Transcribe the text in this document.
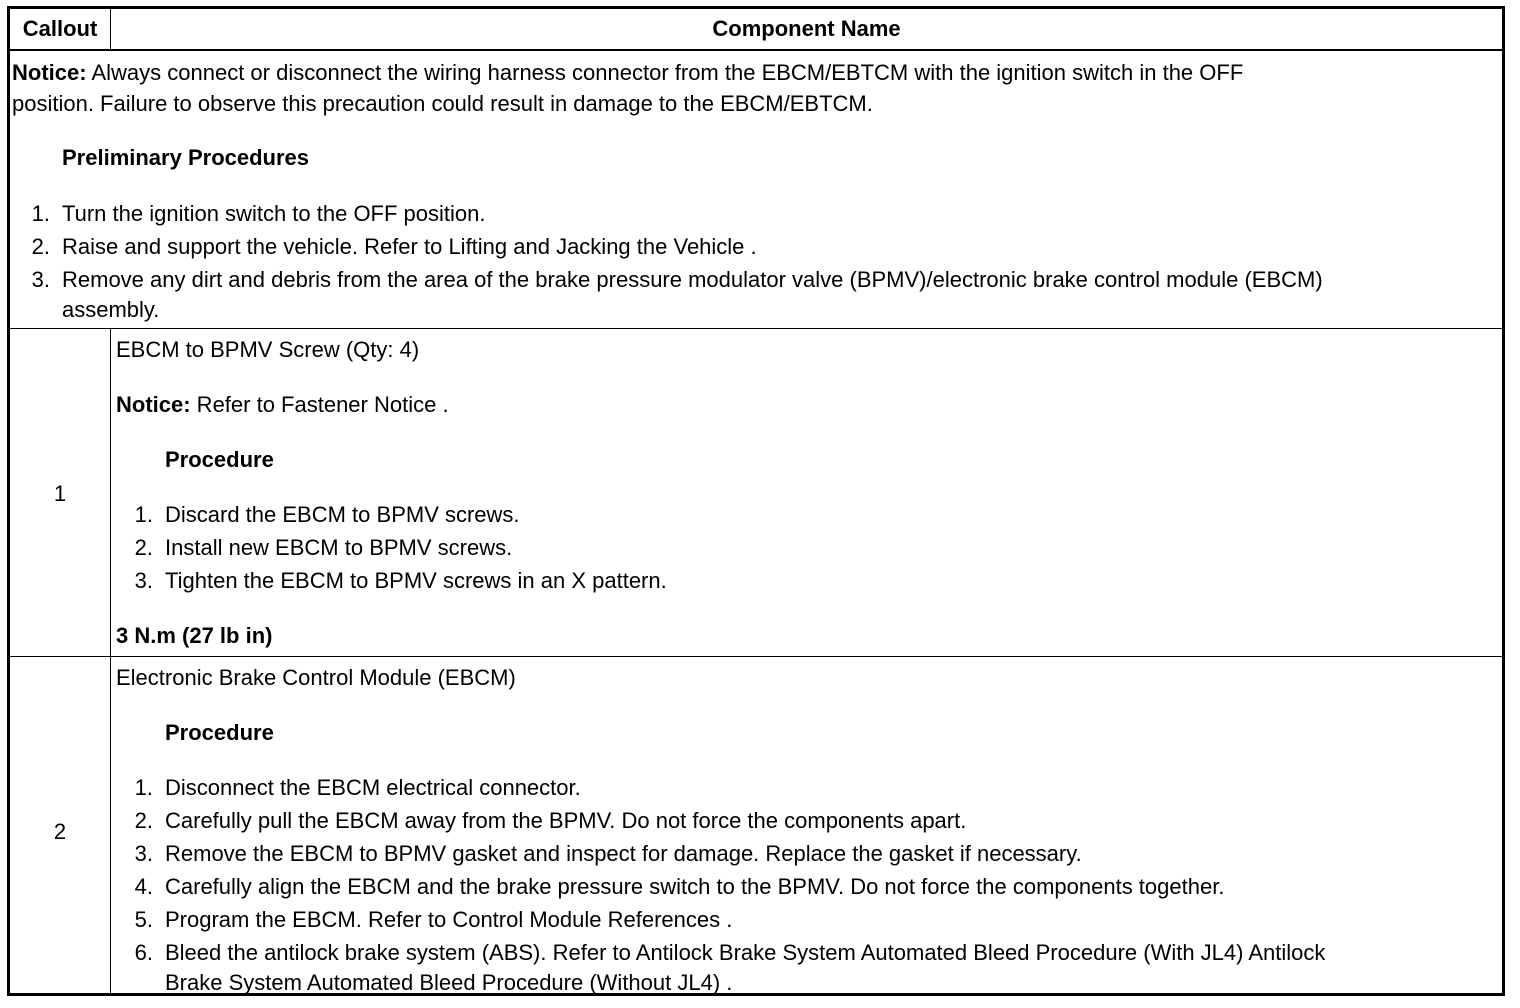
Callout	Component Name
Notice: Always connect or disconnect the wiring harness connector from the EBCM/EBTCM with the ignition switch in the OFF
position. Failure to observe this precaution could result in damage to the EBCM/EBTCM.
Preliminary Procedures
1. Turn the ignition switch to the OFF position.
2. Raise and support the vehicle. Refer to Lifting and Jacking the Vehicle .
3. Remove any dirt and debris from the area of the brake pressure modulator valve (BPMV)/electronic brake control module (EBCM)
assembly.
1
EBCM to BPMV Screw (Qty: 4)
Notice: Refer to Fastener Notice .
Procedure
1. Discard the EBCM to BPMV screws.
2. Install new EBCM to BPMV screws.
3. Tighten the EBCM to BPMV screws in an X pattern.
3 N.m (27 lb in)
2
Electronic Brake Control Module (EBCM)
Procedure
1. Disconnect the EBCM electrical connector.
2. Carefully pull the EBCM away from the BPMV. Do not force the components apart.
3. Remove the EBCM to BPMV gasket and inspect for damage. Replace the gasket if necessary.
4. Carefully align the EBCM and the brake pressure switch to the BPMV. Do not force the components together.
5. Program the EBCM. Refer to Control Module References .
6. Bleed the antilock brake system (ABS). Refer to Antilock Brake System Automated Bleed Procedure (With JL4) Antilock
Brake System Automated Bleed Procedure (Without JL4) .
